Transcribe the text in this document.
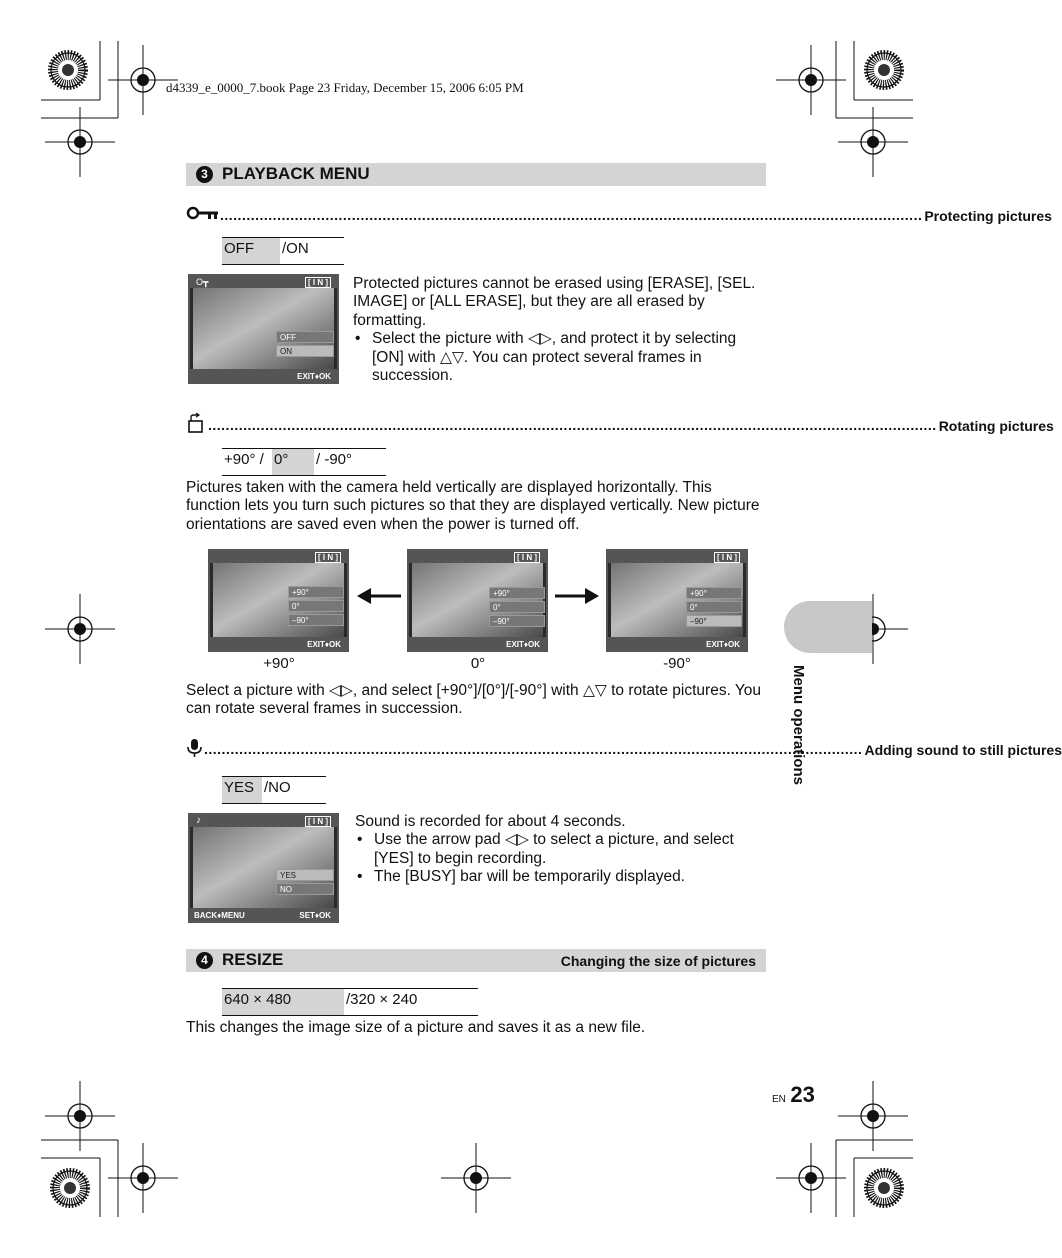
d4339_e_0000_7.book Page 23 Friday, December 15, 2006 6:05 PM
3 PLAYBACK MENU
................................................................................................................................................................ Protecting pictures
OFF	/ON
O┳	[ I N ]
OFF
ON
EXIT♦OK
Protected pictures cannot be erased using [ERASE], [SEL. IMAGE] or [ALL ERASE], but they are all erased by formatting.
• Select the picture with ◁▷, and protect it by selecting [ON] with △▽. You can protect several frames in succession.
...................................................................................................................................................................... Rotating pictures
+90° / 0°	/ -90°
Pictures taken with the camera held vertically are displayed horizontally. This function lets you turn such pictures so that they are displayed vertically. New picture orientations are saved even when the power is turned off.
[ I N ]
+90°
0°
–90°
EXIT♦OK
[ I N ]
+90°
0°
–90°
EXIT♦OK
[ I N ]
+90°
0°
–90°
EXIT♦OK
+90°	0°	-90°
Select a picture with ◁▷, and select [+90°]/[0°]/[-90°] with △▽ to rotate pictures. You can rotate several frames in succession.
...................................................................................................................................................... Adding sound to still pictures
YES /NO
♪	[ I N ]
YES
NO
BACK♦MENU	SET♦OK
Sound is recorded for about 4 seconds.
• Use the arrow pad ◁▷ to select a picture, and select [YES] to begin recording.
• The [BUSY] bar will be temporarily displayed.
4 RESIZE	Changing the size of pictures
640 × 480	/320 × 240
This changes the image size of a picture and saves it as a new file.
Menu operations
EN 23
